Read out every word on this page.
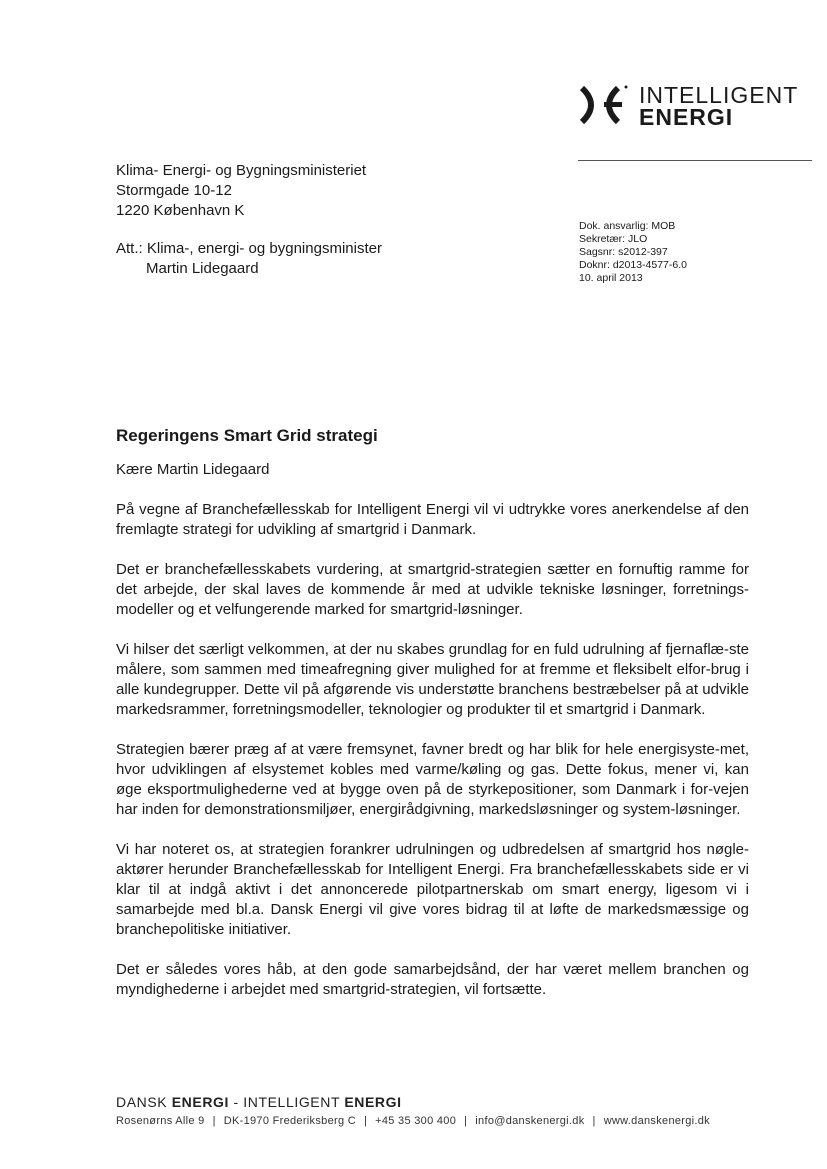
INTELLIGENT
ENERGI
Klima- Energi- og Bygningsministeriet
Stormgade 10-12
1220 København K
Att.: Klima-, energi- og bygningsminister
Martin Lidegaard
Dok. ansvarlig: MOB
Sekretær: JLO
Sagsnr: s2012-397
Doknr: d2013-4577-6.0
10. april 2013
Regeringens Smart Grid strategi
Kære Martin Lidegaard

På vegne af Branchefællesskab for Intelligent Energi vil vi udtrykke vores anerkendelse af den fremlagte strategi for udvikling af smartgrid i Danmark.

Det er branchefællesskabets vurdering, at smartgrid-strategien sætter en fornuftig ramme for det arbejde, der skal laves de kommende år med at udvikle tekniske løsninger, forretnings-modeller og et velfungerende marked for smartgrid-løsninger.

Vi hilser det særligt velkommen, at der nu skabes grundlag for en fuld udrulning af fjernaflæ-ste målere, som sammen med timeafregning giver mulighed for at fremme et fleksibelt elfor-brug i alle kundegrupper. Dette vil på afgørende vis understøtte branchens bestræbelser på at udvikle markedsrammer, forretningsmodeller, teknologier og produkter til et smartgrid i Danmark.

Strategien bærer præg af at være fremsynet, favner bredt og har blik for hele energisyste-met, hvor udviklingen af elsystemet kobles med varme/køling og gas. Dette fokus, mener vi, kan øge eksportmulighederne ved at bygge oven på de styrkepositioner, som Danmark i for-vejen har inden for demonstrationsmiljøer, energirådgivning, markedsløsninger og system-løsninger.

Vi har noteret os, at strategien forankrer udrulningen og udbredelsen af smartgrid hos nøgle-aktører herunder Branchefællesskab for Intelligent Energi. Fra branchefællesskabets side er vi klar til at indgå aktivt i det annoncerede pilotpartnerskab om smart energy, ligesom vi i samarbejde med bl.a. Dansk Energi vil give vores bidrag til at løfte de markedsmæssige og branchepolitiske initiativer.

Det er således vores håb, at den gode samarbejdsånd, der har været mellem branchen og myndighederne i arbejdet med smartgrid-strategien, vil fortsætte.

DANSK ENERGI - INTELLIGENT ENERGI
Rosenørns Alle 9 | DK-1970 Frederiksberg C | +45 35 300 400 | info@danskenergi.dk | www.danskenergi.dk
